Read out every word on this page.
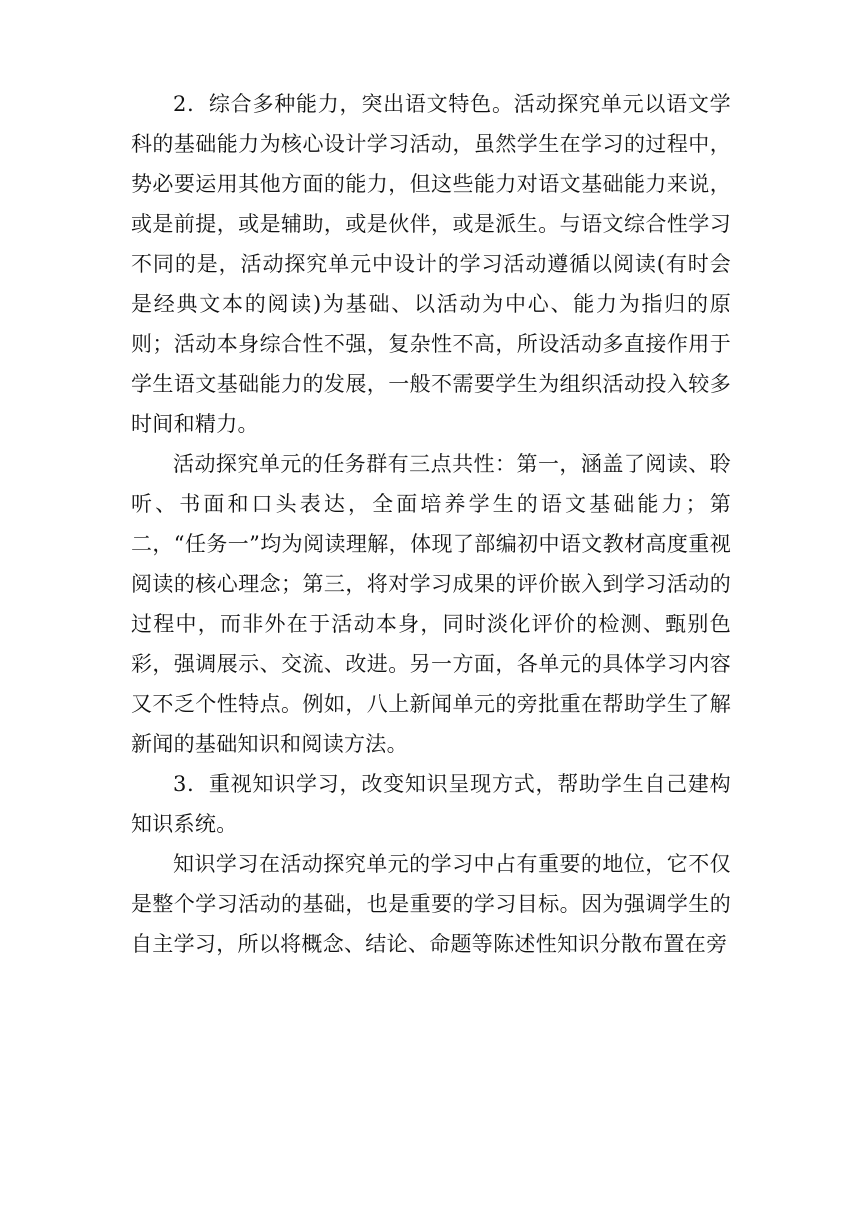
2．综合多种能力，突出语文特色。活动探究单元以语文学科的基础能力为核心设计学习活动，虽然学生在学习的过程中，势必要运用其他方面的能力，但这些能力对语文基础能力来说，或是前提，或是辅助，或是伙伴，或是派生。与语文综合性学习不同的是，活动探究单元中设计的学习活动遵循以阅读(有时会是经典文本的阅读)为基础、以活动为中心、能力为指归的原则；活动本身综合性不强，复杂性不高，所设活动多直接作用于学生语文基础能力的发展，一般不需要学生为组织活动投入较多时间和精力。

活动探究单元的任务群有三点共性：第一，涵盖了阅读、聆听、书面和口头表达，全面培养学生的语文基础能力；第二，“任务一”均为阅读理解，体现了部编初中语文教材高度重视阅读的核心理念；第三，将对学习成果的评价嵌入到学习活动的过程中，而非外在于活动本身，同时淡化评价的检测、甄别色彩，强调展示、交流、改进。另一方面，各单元的具体学习内容又不乏个性特点。例如，八上新闻单元的旁批重在帮助学生了解新闻的基础知识和阅读方法。

3．重视知识学习，改变知识呈现方式，帮助学生自己建构知识系统。

知识学习在活动探究单元的学习中占有重要的地位，它不仅是整个学习活动的基础，也是重要的学习目标。因为强调学生的自主学习，所以将概念、结论、命题等陈述性知识分散布置在旁
